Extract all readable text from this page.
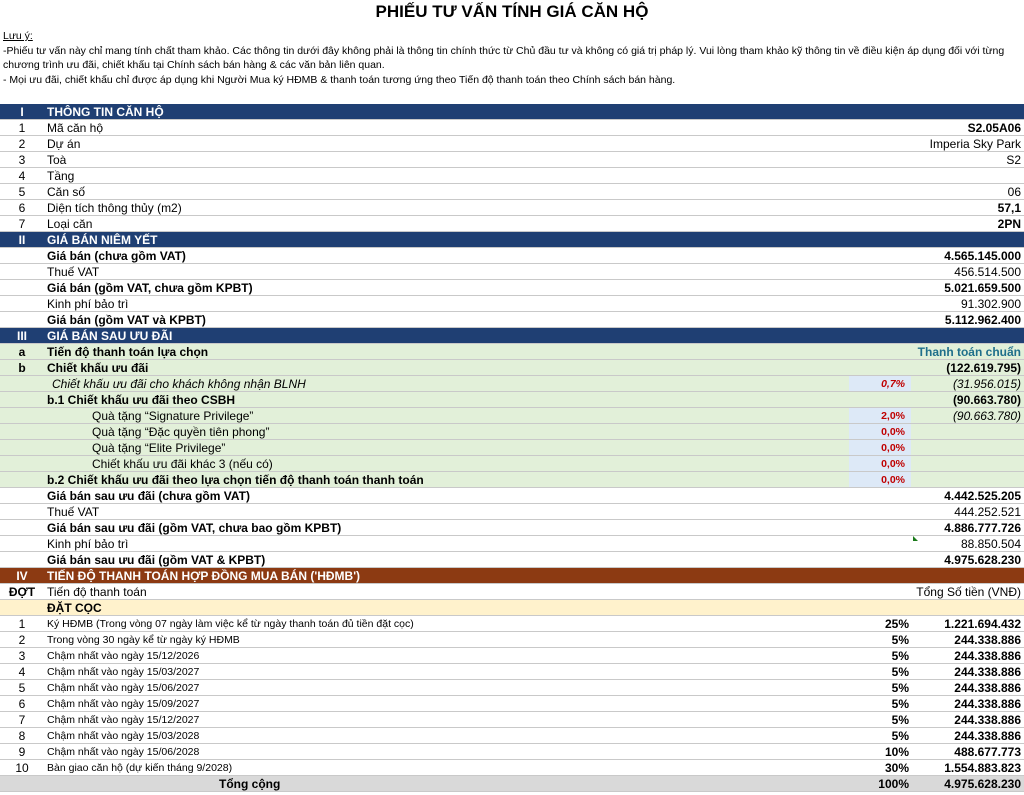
PHIẾU TƯ VẤN TÍNH GIÁ CĂN HỘ
Lưu ý:
-Phiếu tư vấn này chỉ mang tính chất tham khảo. Các thông tin dưới đây không phải là thông tin chính thức từ Chủ đầu tư và không có giá trị pháp lý. Vui lòng tham khảo kỹ thông tin về điều kiện áp dụng đối với từng chương trình ưu đãi, chiết khấu tại Chính sách bán hàng & các văn bản liên quan.
- Mọi ưu đãi, chiết khấu chỉ được áp dụng khi Người Mua ký HĐMB & thanh toán tương ứng theo Tiến độ thanh toán theo Chính sách bán hàng.
I	THÔNG TIN CĂN HỘ
1	Mã căn hộ	S2.05A06
2	Dự án	Imperia Sky Park
3	Toà	S2
4	Tầng
5	Căn số	06
6	Diện tích thông thủy (m2)	57,1
7	Loại căn	2PN
II	GIÁ BÁN NIÊM YẾT
Giá bán (chưa gồm VAT)	4.565.145.000
Thuế VAT	456.514.500
Giá bán (gồm VAT, chưa gồm KPBT)	5.021.659.500
Kinh phí bảo trì	91.302.900
Giá bán (gồm VAT và KPBT)	5.112.962.400
III	GIÁ BÁN SAU ƯU ĐÃI
a	Tiến độ thanh toán lựa chọn	Thanh toán chuẩn
b	Chiết khấu ưu đãi	(122.619.795)
Chiết khấu ưu đãi cho khách không nhận BLNH	0,7%	(31.956.015)
b.1 Chiết khấu ưu đãi theo CSBH	(90.663.780)
Quà tặng “Signature Privilege”	2,0%	(90.663.780)
Quà tặng “Đặc quyền tiên phong”	0,0%
Quà tặng “Elite Privilege”	0,0%
Chiết khấu ưu đãi khác 3 (nếu có)	0,0%
b.2 Chiết khấu ưu đãi theo lựa chọn tiến độ thanh toán thanh toán	0,0%
Giá bán sau ưu đãi (chưa gồm VAT)	4.442.525.205
Thuế VAT	444.252.521
Giá bán sau ưu đãi (gồm VAT, chưa bao gồm KPBT)	4.886.777.726
Kinh phí bảo trì	88.850.504
Giá bán sau ưu đãi (gồm VAT & KPBT)	4.975.628.230
IV	TIẾN ĐỘ THANH TOÁN HỢP ĐỒNG MUA BÁN ('HĐMB')
ĐỢT Tiến độ thanh toán	Tổng Số tiền (VNĐ)
ĐẶT CỌC
1	Ký HĐMB (Trong vòng 07 ngày làm việc kể từ ngày thanh toán đủ tiền đặt cọc)	25%	1.221.694.432
2	Trong vòng 30 ngày kể từ ngày ký HĐMB	5%	244.338.886
3	Chậm nhất vào ngày 15/12/2026	5%	244.338.886
4	Chậm nhất vào ngày 15/03/2027	5%	244.338.886
5	Chậm nhất vào ngày 15/06/2027	5%	244.338.886
6	Chậm nhất vào ngày 15/09/2027	5%	244.338.886
7	Chậm nhất vào ngày 15/12/2027	5%	244.338.886
8	Chậm nhất vào ngày 15/03/2028	5%	244.338.886
9	Chậm nhất vào ngày 15/06/2028	10%	488.677.773
10	Bàn giao căn hộ (dự kiến tháng 9/2028)	30%	1.554.883.823
Tổng cộng	100%	4.975.628.230
